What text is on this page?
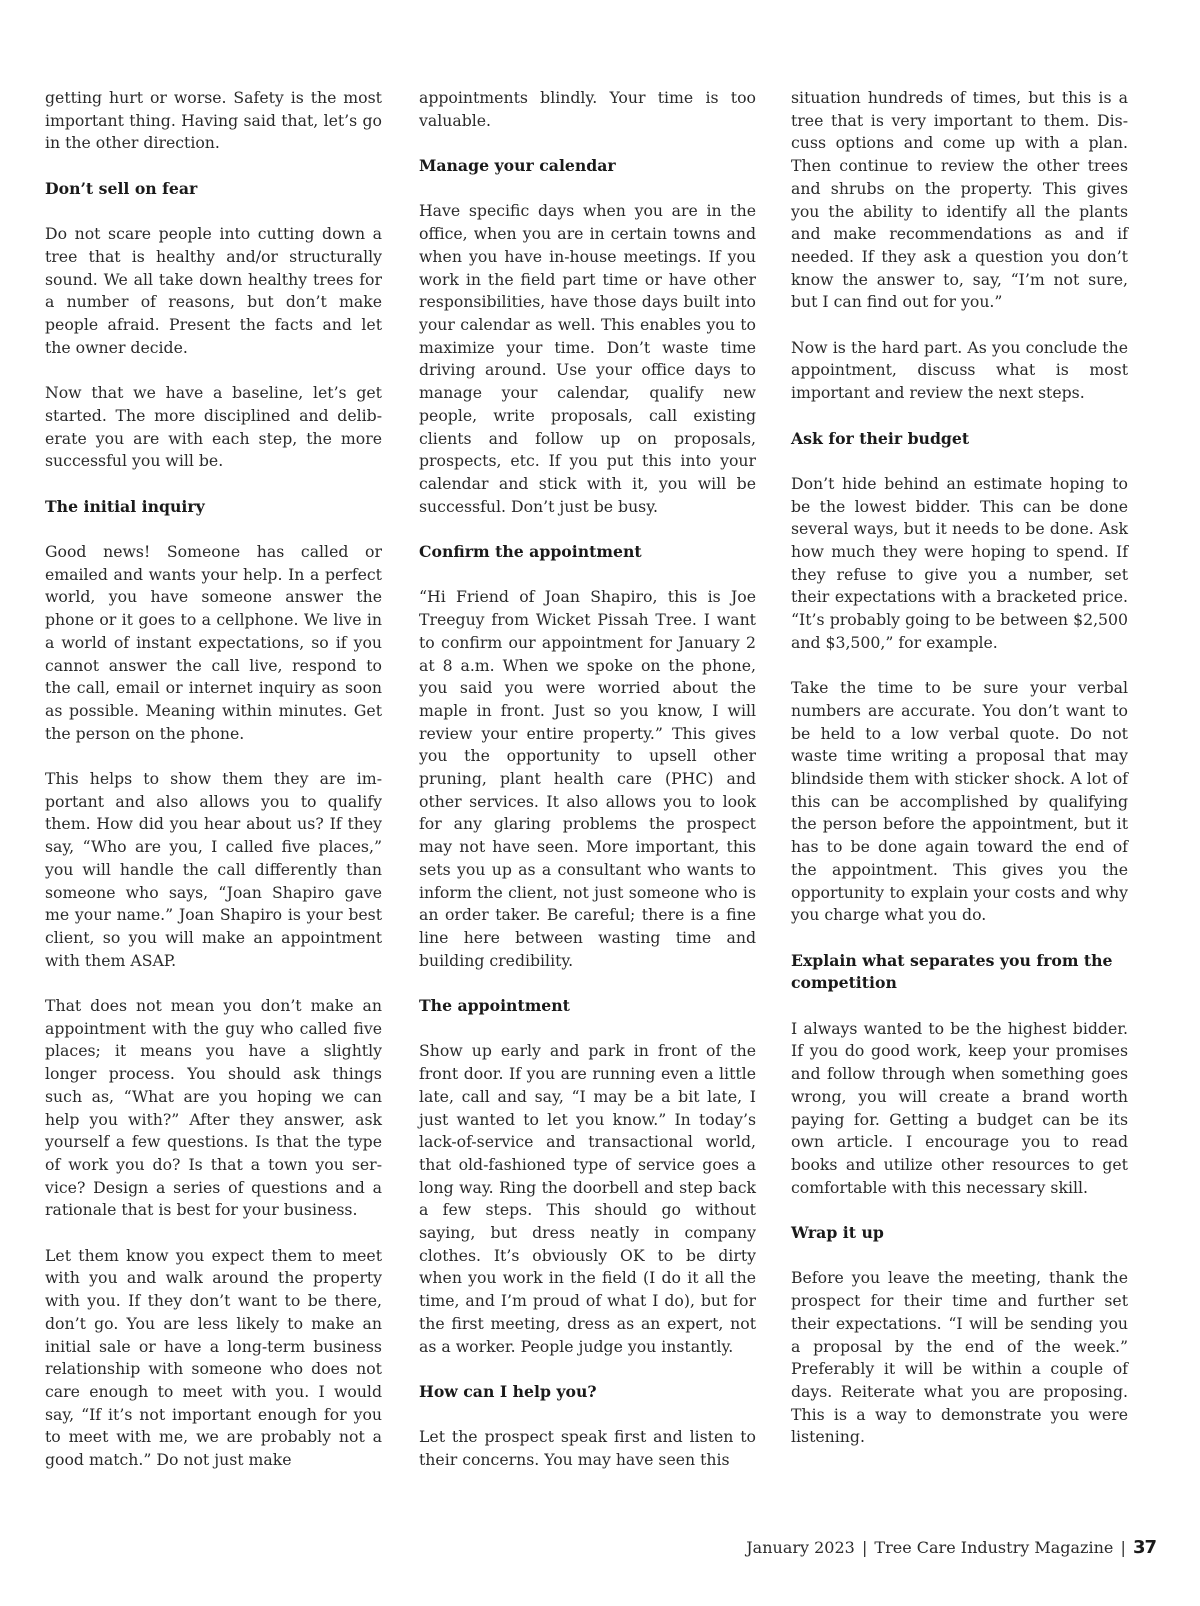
getting hurt or worse. Safety is the most important thing. Having said that, let’s go in the other direction.

Don’t sell on fear

Do not scare people into cutting down a tree that is healthy and/or structurally sound. We all take down healthy trees for a number of reasons, but don’t make people afraid. Present the facts and let the owner decide.

Now that we have a baseline, let’s get started. The more disciplined and deliberate you are with each step, the more successful you will be.

The initial inquiry

Good news! Someone has called or emailed and wants your help. In a perfect world, you have someone answer the phone or it goes to a cellphone. We live in a world of instant expectations, so if you cannot answer the call live, respond to the call, email or internet inquiry as soon as possible. Meaning within minutes. Get the person on the phone.

This helps to show them they are important and also allows you to qualify them. How did you hear about us? If they say, “Who are you, I called five places,” you will handle the call differently than someone who says, “Joan Shapiro gave me your name.” Joan Shapiro is your best client, so you will make an appointment with them ASAP.

That does not mean you don’t make an appointment with the guy who called five places; it means you have a slightly longer process. You should ask things such as, “What are you hoping we can help you with?” After they answer, ask yourself a few questions. Is that the type of work you do? Is that a town you service? Design a series of questions and a rationale that is best for your business.

Let them know you expect them to meet with you and walk around the property with you. If they don’t want to be there, don’t go. You are less likely to make an initial sale or have a long-term business relationship with someone who does not care enough to meet with you. I would say, “If it’s not important enough for you to meet with me, we are probably not a good match.” Do not just make

appointments blindly. Your time is too valuable.

Manage your calendar

Have specific days when you are in the office, when you are in certain towns and when you have in-house meetings. If you work in the field part time or have other responsibilities, have those days built into your calendar as well. This enables you to maximize your time. Don’t waste time driving around. Use your office days to manage your calendar, qualify new people, write proposals, call existing clients and follow up on proposals, prospects, etc. If you put this into your calendar and stick with it, you will be successful. Don’t just be busy.

Confirm the appointment

“Hi Friend of Joan Shapiro, this is Joe Treeguy from Wicket Pissah Tree. I want to confirm our appointment for January 2 at 8 a.m. When we spoke on the phone, you said you were worried about the maple in front. Just so you know, I will review your entire property.” This gives you the opportunity to upsell other pruning, plant health care (PHC) and other services. It also allows you to look for any glaring problems the prospect may not have seen. More important, this sets you up as a consultant who wants to inform the client, not just someone who is an order taker. Be careful; there is a fine line here between wasting time and building credibility.

The appointment

Show up early and park in front of the front door. If you are running even a little late, call and say, “I may be a bit late, I just wanted to let you know.” In today’s lack-of-service and transactional world, that old-fashioned type of service goes a long way. Ring the doorbell and step back a few steps. This should go without saying, but dress neatly in company clothes. It’s obviously OK to be dirty when you work in the field (I do it all the time, and I’m proud of what I do), but for the first meeting, dress as an expert, not as a worker. People judge you instantly.

How can I help you?

Let the prospect speak first and listen to their concerns. You may have seen this

situation hundreds of times, but this is a tree that is very important to them. Discuss options and come up with a plan. Then continue to review the other trees and shrubs on the property. This gives you the ability to identify all the plants and make recommendations as and if needed. If they ask a question you don’t know the answer to, say, “I’m not sure, but I can find out for you.”

Now is the hard part. As you conclude the appointment, discuss what is most important and review the next steps.

Ask for their budget

Don’t hide behind an estimate hoping to be the lowest bidder. This can be done several ways, but it needs to be done. Ask how much they were hoping to spend. If they refuse to give you a number, set their expectations with a bracketed price. “It’s probably going to be between $2,500 and $3,500,” for example.

Take the time to be sure your verbal numbers are accurate. You don’t want to be held to a low verbal quote. Do not waste time writing a proposal that may blindside them with sticker shock. A lot of this can be accomplished by qualifying the person before the appointment, but it has to be done again toward the end of the appointment. This gives you the opportunity to explain your costs and why you charge what you do.

Explain what separates you from the competition

I always wanted to be the highest bidder. If you do good work, keep your promises and follow through when something goes wrong, you will create a brand worth paying for. Getting a budget can be its own article. I encourage you to read books and utilize other resources to get comfortable with this necessary skill.

Wrap it up

Before you leave the meeting, thank the prospect for their time and further set their expectations. “I will be sending you a proposal by the end of the week.” Preferably it will be within a couple of days. Reiterate what you are proposing. This is a way to demonstrate you were listening.

January 2023 | Tree Care Industry Magazine | 37
